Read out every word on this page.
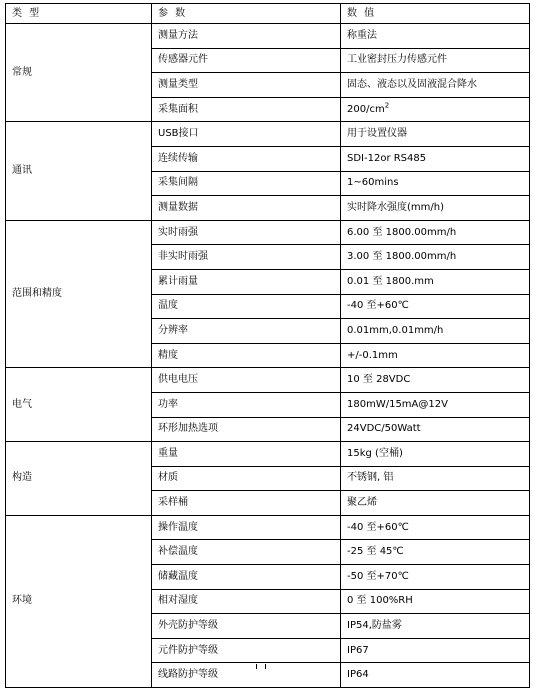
类 型	参 数	数 值
常规	测量方法	称重法
	传感器元件	工业密封压力传感元件
	测量类型	固态、液态以及固液混合降水
	采集面积	$200/cm^2$
通讯	USB接口	用于设置仪器
	连续传输	SDI-12or RS485
	采集间隔	1~60mins
	测量数据	实时降水强度(mm/h)
范围和精度	实时雨强	6.00 至 1800.00mm/h
	非实时雨强	3.00 至 1800.00mm/h
	累计雨量	0.01 至 1800.mm
	温度	-40 至+60℃
	分辨率	0.01mm,0.01mm/h
	精度	+/-0.1mm
电气	供电电压	10 至 28VDC
	功率	180mW/15mA@12V
	环形加热选项	24VDC/50Watt
构造	重量	15kg (空桶)
	材质	不锈钢, 铝
	采样桶	聚乙烯
环境	操作温度	-40 至+60℃
	补偿温度	-25 至 45℃
	储藏温度	-50 至+70℃
	相对湿度	0 至 100%RH
	外壳防护等级	IP54,防盐雾
	元件防护等级	IP67
	线路防护等级	IP64
